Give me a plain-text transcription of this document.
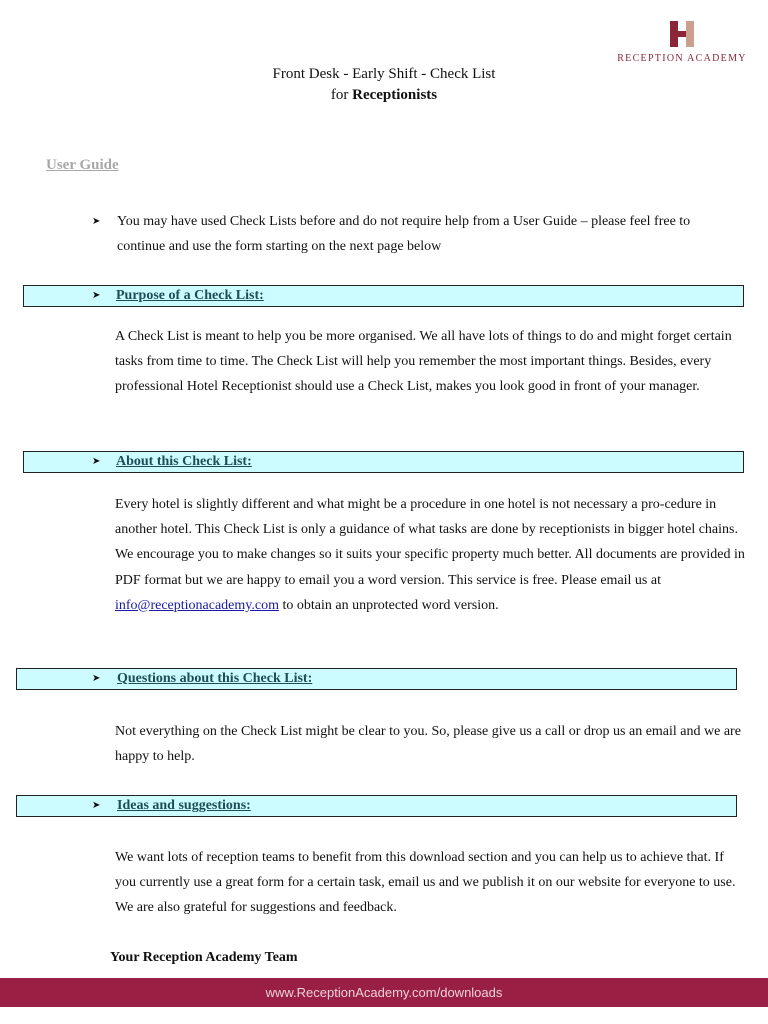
RECEPTION ACADEMY
Front Desk - Early Shift - Check List
for Receptionists
User Guide
➤ You may have used Check Lists before and do not require help from a User Guide – please feel free to continue and use the form starting on the next page below
➤ Purpose of a Check List:
A Check List is meant to help you be more organised. We all have lots of things to do and might forget certain tasks from time to time. The Check List will help you remember the most important things. Besides, every professional Hotel Receptionist should use a Check List, makes you look good in front of your manager.
➤ About this Check List:
Every hotel is slightly different and what might be a procedure in one hotel is not necessary a pro-cedure in another hotel. This Check List is only a guidance of what tasks are done by receptionists in bigger hotel chains. We encourage you to make changes so it suits your specific property much better. All documents are provided in PDF format but we are happy to email you a word version. This service is free. Please email us at info@receptionacademy.com to obtain an unprotected word version.
➤ Questions about this Check List:
Not everything on the Check List might be clear to you. So, please give us a call or drop us an email and we are happy to help.
➤ Ideas and suggestions:
We want lots of reception teams to benefit from this download section and you can help us to achieve that. If you currently use a great form for a certain task, email us and we publish it on our website for everyone to use. We are also grateful for suggestions and feedback.
Your Reception Academy Team
www.ReceptionAcademy.com/downloads
